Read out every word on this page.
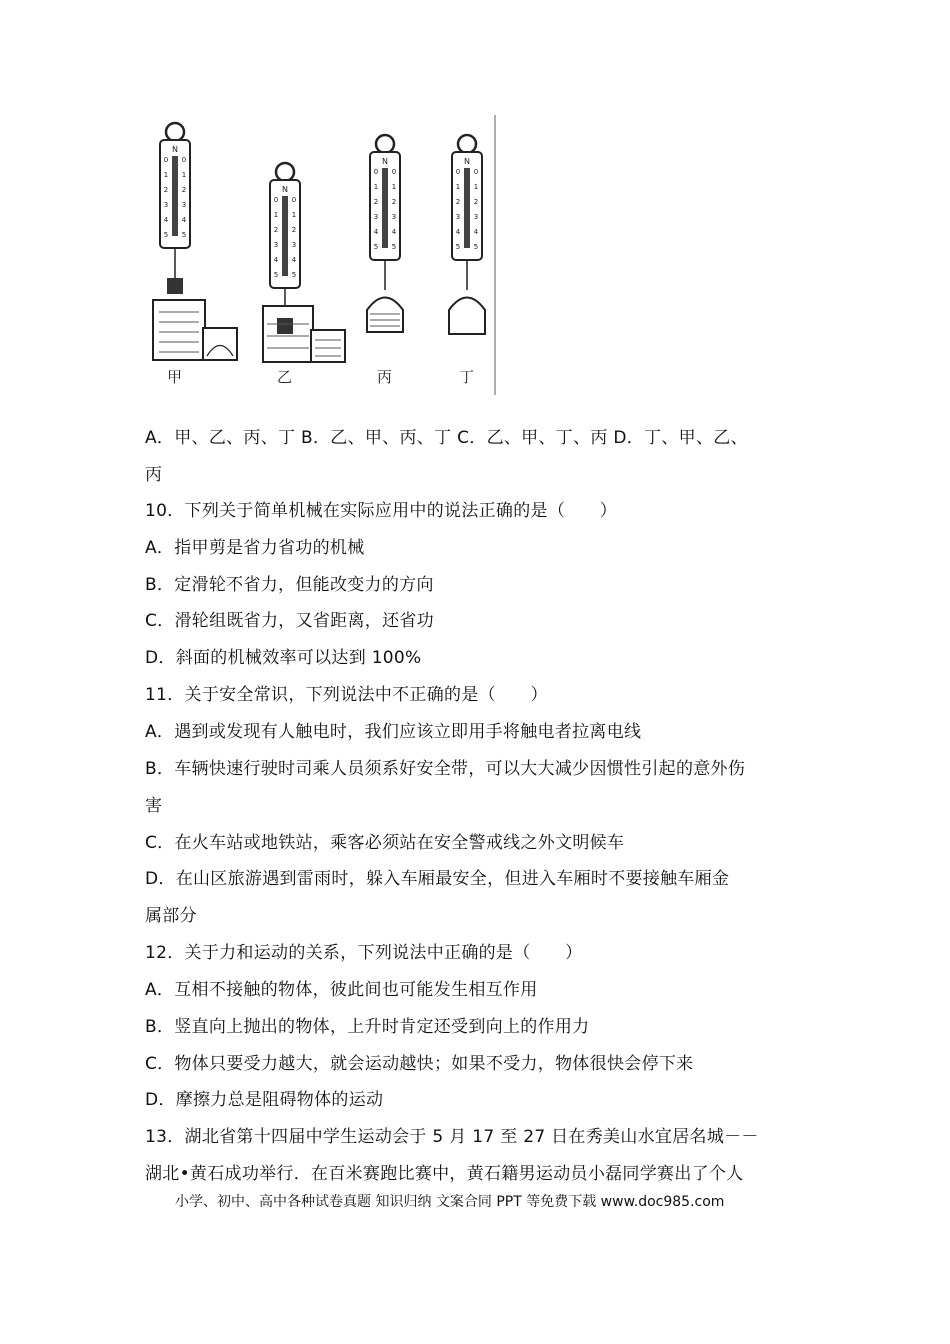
甲	乙	丙	丁
N
0 0
1 1
2 2
3 3
4 4
5 5
N
0 0
1 1
2 2
3 3
4 4
5 5
N
0 0
1 1
2 2
3 3
4 4
5 5
N
0 0
1 1
2 2
3 3
4 4
5 5
A．甲、乙、丙、丁 B．乙、甲、丙、丁 C．乙、甲、丁、丙 D．丁、甲、乙、
丙
10．下列关于简单机械在实际应用中的说法正确的是（　　）
A．指甲剪是省力省功的机械
B．定滑轮不省力，但能改变力的方向
C．滑轮组既省力，又省距离，还省功
D．斜面的机械效率可以达到 100%
11．关于安全常识，下列说法中不正确的是（　　）
A．遇到或发现有人触电时，我们应该立即用手将触电者拉离电线
B．车辆快速行驶时司乘人员须系好安全带，可以大大减少因惯性引起的意外伤
害
C．在火车站或地铁站，乘客必须站在安全警戒线之外文明候车
D．在山区旅游遇到雷雨时，躲入车厢最安全，但进入车厢时不要接触车厢金
属部分
12．关于力和运动的关系，下列说法中正确的是（　　）
A．互相不接触的物体，彼此间也可能发生相互作用
B．竖直向上抛出的物体，上升时肯定还受到向上的作用力
C．物体只要受力越大，就会运动越快；如果不受力，物体很快会停下来
D．摩擦力总是阻碍物体的运动
13．湖北省第十四届中学生运动会于 5 月 17 至 27 日在秀美山水宜居名城－－
湖北•黄石成功举行．在百米赛跑比赛中，黄石籍男运动员小磊同学赛出了个人
小学、初中、高中各种试卷真题 知识归纳 文案合同 PPT 等免费下载 www.doc985.com
